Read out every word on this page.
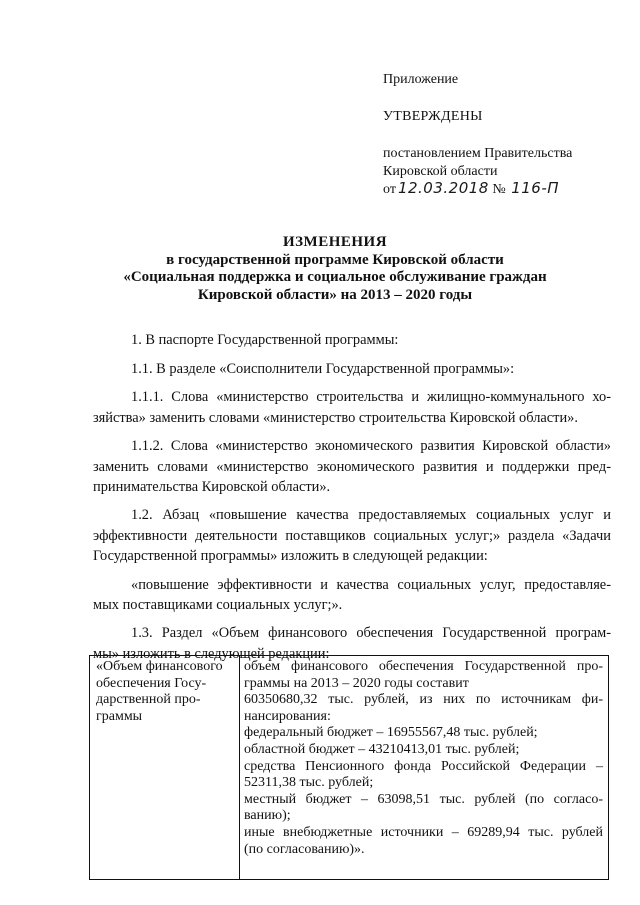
Приложение
УТВЕРЖДЕНЫ
постановлением Правительства
Кировской области
от 12.03.2018 № 116-П
ИЗМЕНЕНИЯ
в государственной программе Кировской области
«Социальная поддержка и социальное обслуживание граждан
Кировской области» на 2013 – 2020 годы

1. В паспорте Государственной программы:

1.1. В разделе «Соисполнители Государственной программы»:

1.1.1. Слова «министерство строительства и жилищно-коммунального хо-
зяйства» заменить словами «министерство строительства Кировской области».

1.1.2. Слова «министерство экономического развития Кировской области»
заменить словами «министерство экономического развития и поддержки пред-
принимательства Кировской области».

1.2. Абзац «повышение качества предоставляемых социальных услуг и
эффективности деятельности поставщиков социальных услуг;» раздела «Задачи
Государственной программы» изложить в следующей редакции:

«повышение эффективности и качества социальных услуг, предоставляе-
мых поставщиками социальных услуг;».

1.3. Раздел «Объем финансового обеспечения Государственной програм-
мы» изложить в следующей редакции:

«Объем финансового
обеспечения Госу-
дарственной про-
граммы
объем финансового обеспечения Государственной про-
граммы на 2013 – 2020 годы составит
60350680,32 тыс. рублей, из них по источникам фи-
нансирования:
федеральный бюджет – 16955567,48 тыс. рублей;
областной бюджет – 43210413,01 тыс. рублей;
средства Пенсионного фонда Российской Федерации –
52311,38 тыс. рублей;
местный бюджет – 63098,51 тыс. рублей (по согласо-
ванию);
иные внебюджетные источники – 69289,94 тыс. рублей
(по согласованию)».
